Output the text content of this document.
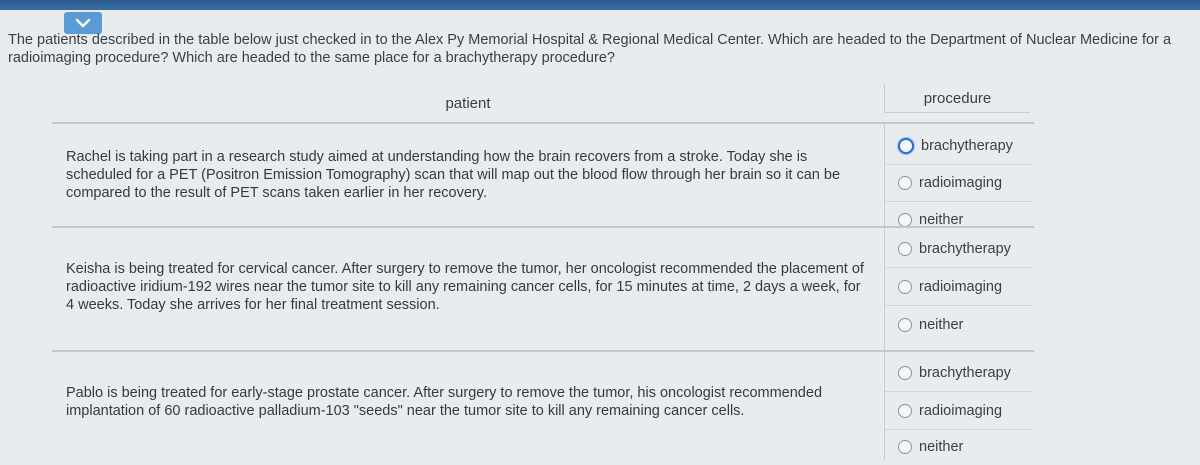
The patients described in the table below just checked in to the Alex Py Memorial Hospital & Regional Medical Center. Which are headed to the Department of Nuclear Medicine for a radioimaging procedure? Which are headed to the same place for a brachytherapy procedure?
patient	procedure
Rachel is taking part in a research study aimed at understanding how the brain recovers from a stroke. Today she is scheduled for a PET (Positron Emission Tomography) scan that will map out the blood flow through her brain so it can be compared to the result of PET scans taken earlier in her recovery.
brachytherapy
radioimaging
neither
Keisha is being treated for cervical cancer. After surgery to remove the tumor, her oncologist recommended the placement of radioactive iridium-192 wires near the tumor site to kill any remaining cancer cells, for 15 minutes at time, 2 days a week, for 4 weeks. Today she arrives for her final treatment session.
brachytherapy
radioimaging
neither
Pablo is being treated for early-stage prostate cancer. After surgery to remove the tumor, his oncologist recommended implantation of 60 radioactive palladium-103 "seeds" near the tumor site to kill any remaining cancer cells.
brachytherapy
radioimaging
neither
